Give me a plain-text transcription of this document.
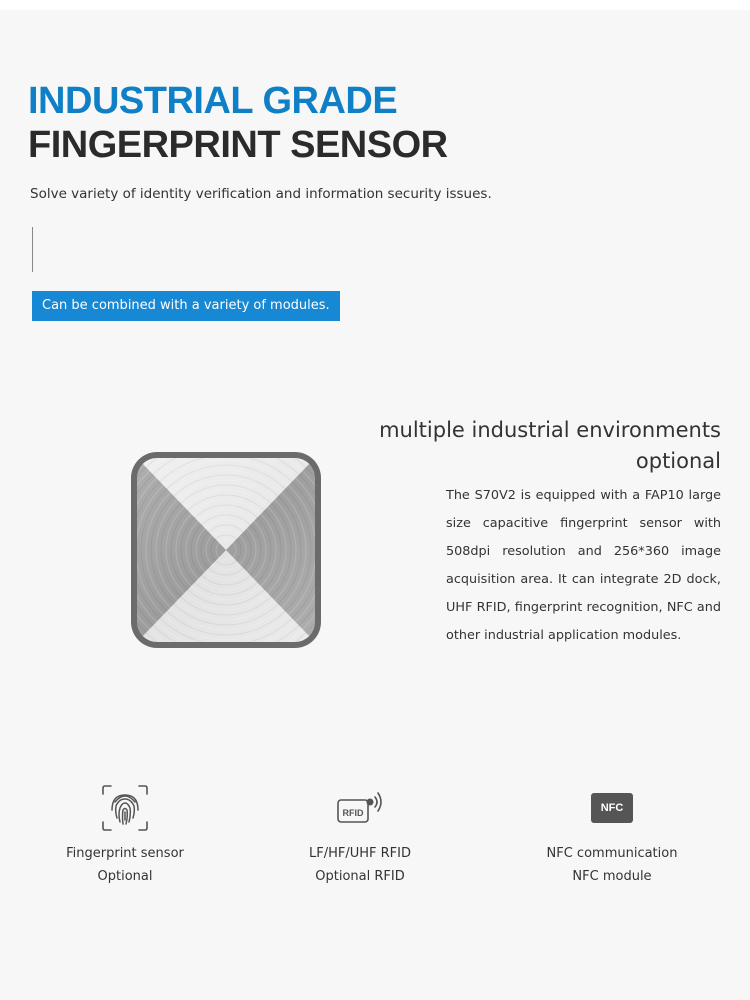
INDUSTRIAL GRADE
FINGERPRINT SENSOR
Solve variety of identity verification and information security issues.
Can be combined with a variety of modules.
multiple industrial environments
optional
The S70V2 is equipped with a FAP10 large size capacitive fingerprint sensor with 508dpi resolution and 256*360 image acquisition area. It can integrate 2D dock, UHF RFID, fingerprint recognition, NFC and other industrial application modules.
Fingerprint sensor
Optional
RFID
LF/HF/UHF RFID
Optional RFID
NFC
NFC communication
NFC module
